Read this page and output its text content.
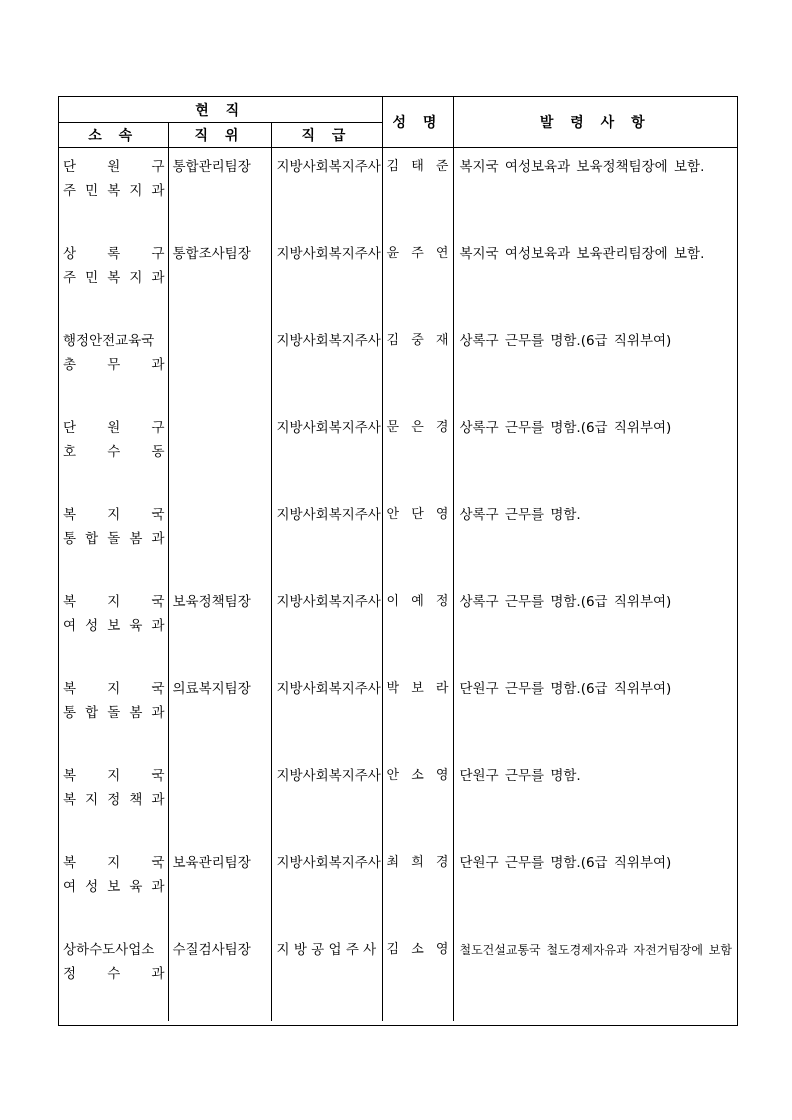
현 직			성 명	발 령 사 항
소 속	직 위	직 급		

단 원 구
주 민 복 지 과	통합관리팀장	지방사회복지주사	김 태 준	복지국 여성보육과 보육정책팀장에 보함.

상 록 구
주 민 복 지 과	통합조사팀장	지방사회복지주사	윤 주 연	복지국 여성보육과 보육관리팀장에 보함.

행정안전교육국
총 무 과		지방사회복지주사	김 중 재	상록구 근무를 명함.(6급 직위부여)

단 원 구
호 수 동		지방사회복지주사	문 은 경	상록구 근무를 명함.(6급 직위부여)

복 지 국
통 합 돌 봄 과		지방사회복지주사	안 단 영	상록구 근무를 명함.

복 지 국
여 성 보 육 과	보육정책팀장	지방사회복지주사	이 예 정	상록구 근무를 명함.(6급 직위부여)

복 지 국
통 합 돌 봄 과	의료복지팀장	지방사회복지주사	박 보 라	단원구 근무를 명함.(6급 직위부여)

복 지 국
복 지 정 책 과		지방사회복지주사	안 소 영	단원구 근무를 명함.

복 지 국
여 성 보 육 과	보육관리팀장	지방사회복지주사	최 희 경	단원구 근무를 명함.(6급 직위부여)

상하수도사업소
정 수 과	수질검사팀장	지 방 공 업 주 사	김 소 영	철도건설교통국 철도경제자유과 자전거팀장에 보함
